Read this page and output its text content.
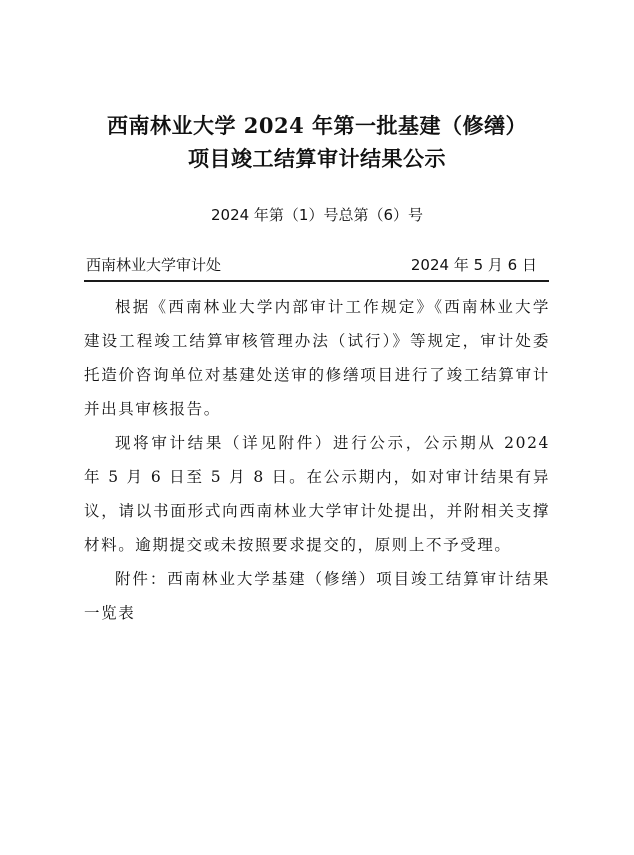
西南林业大学 2024 年第一批基建（修缮）
项目竣工结算审计结果公示
2024 年第（1）号总第（6）号
西南林业大学审计处	2024 年 5 月 6 日

根据《西南林业大学内部审计工作规定》《西南林业大学建设工程竣工结算审核管理办法（试行）》等规定，审计处委托造价咨询单位对基建处送审的修缮项目进行了竣工结算审计并出具审核报告。

现将审计结果（详见附件）进行公示，公示期从 2024 年 5 月 6 日至 5 月 8 日。在公示期内，如对审计结果有异议，请以书面形式向西南林业大学审计处提出，并附相关支撑材料。逾期提交或未按照要求提交的，原则上不予受理。

附件：西南林业大学基建（修缮）项目竣工结算审计结果一览表
